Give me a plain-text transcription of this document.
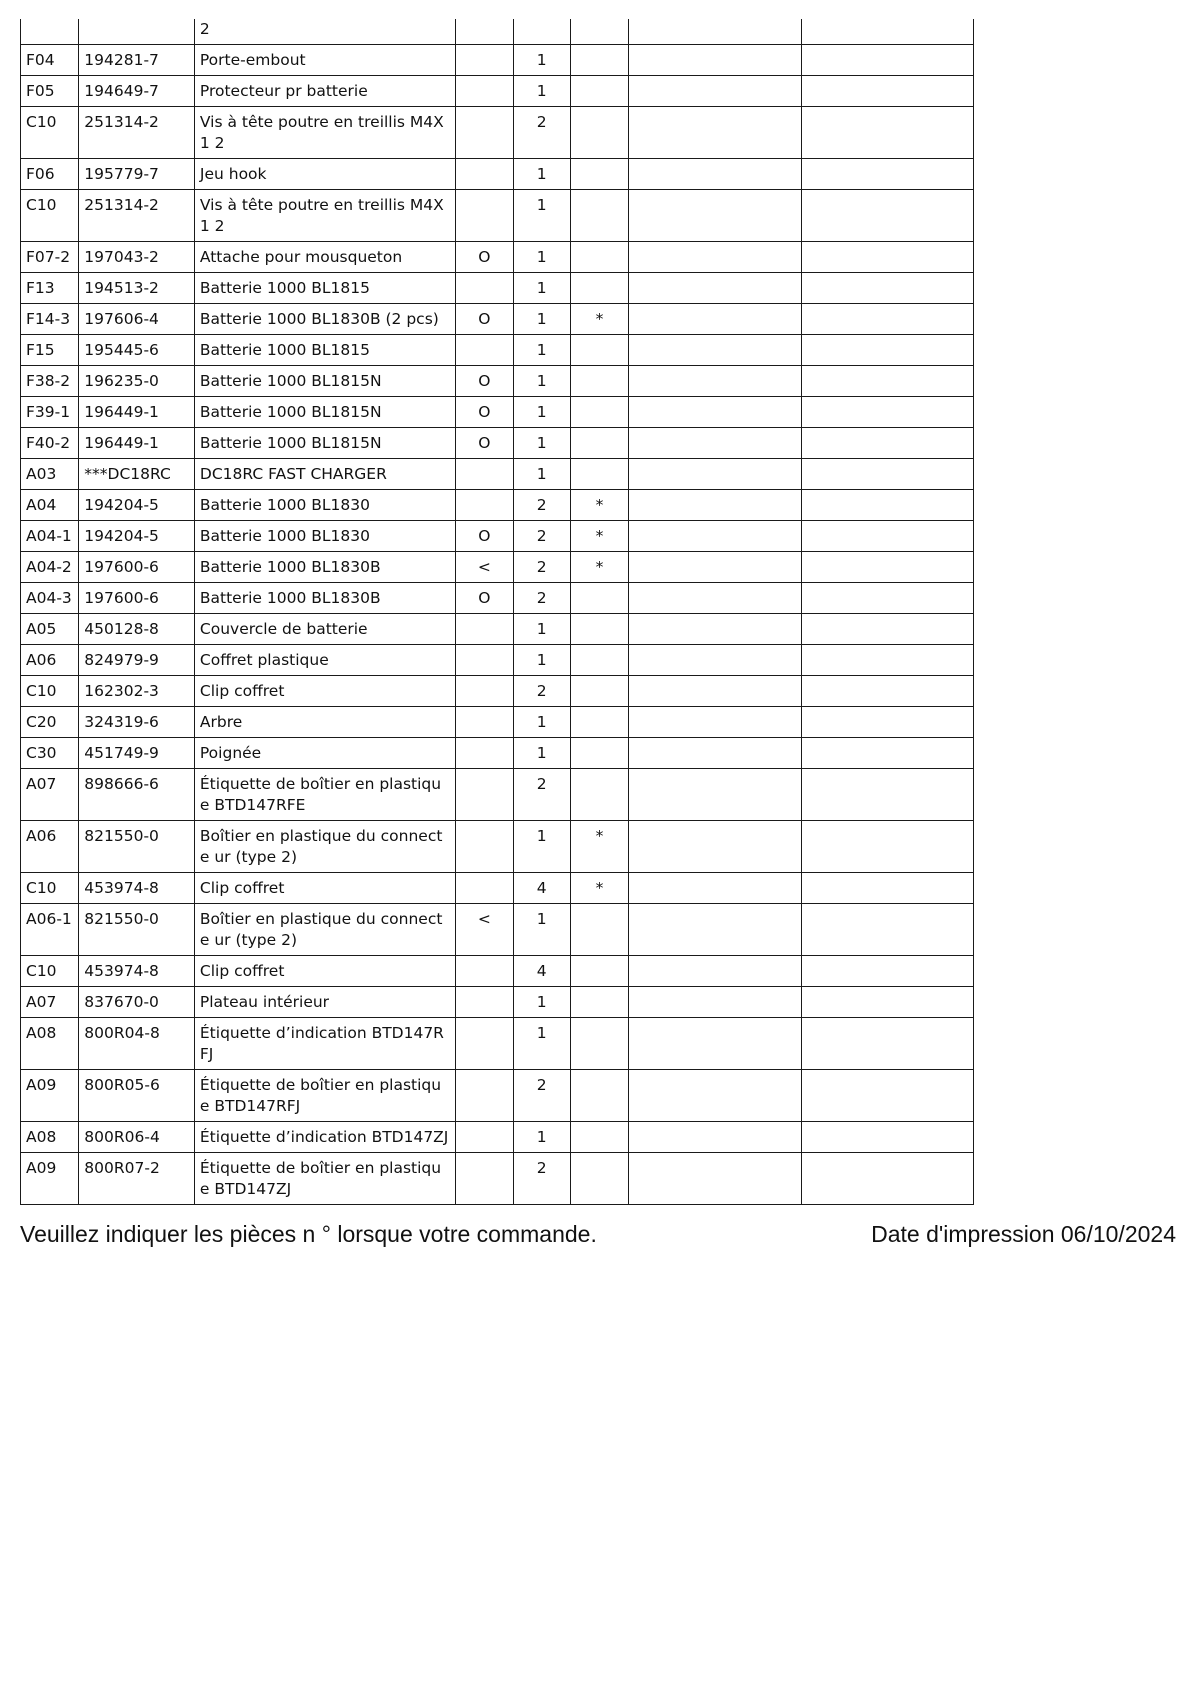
		2					
F04	194281-7	Porte-embout		1			
F05	194649-7	Protecteur pr batterie		1			
C10	251314-2	Vis à tête poutre en treillis M4X1 2		2			
F06	195779-7	Jeu hook		1			
C10	251314-2	Vis à tête poutre en treillis M4X1 2		1			
F07-2	197043-2	Attache pour mousqueton	O	1			
F13	194513-2	Batterie 1000 BL1815		1			
F14-3	197606-4	Batterie 1000 BL1830B (2 pcs)	O	1	*		
F15	195445-6	Batterie 1000 BL1815		1			
F38-2	196235-0	Batterie 1000 BL1815N	O	1			
F39-1	196449-1	Batterie 1000 BL1815N	O	1			
F40-2	196449-1	Batterie 1000 BL1815N	O	1			
A03	***DC18RC	DC18RC FAST CHARGER		1			
A04	194204-5	Batterie 1000 BL1830		2	*		
A04-1	194204-5	Batterie 1000 BL1830	O	2	*		
A04-2	197600-6	Batterie 1000 BL1830B	<	2	*		
A04-3	197600-6	Batterie 1000 BL1830B	O	2			
A05	450128-8	Couvercle de batterie		1			
A06	824979-9	Coffret plastique		1			
C10	162302-3	Clip coffret		2			
C20	324319-6	Arbre		1			
C30	451749-9	Poignée		1			
A07	898666-6	Étiquette de boîtier en plastique BTD147RFE		2			
A06	821550-0	Boîtier en plastique du connecte ur (type 2)		1	*		
C10	453974-8	Clip coffret		4	*		
A06-1	821550-0	Boîtier en plastique du connecte ur (type 2)	<	1			
C10	453974-8	Clip coffret		4			
A07	837670-0	Plateau intérieur		1			
A08	800R04-8	Étiquette d’indication BTD147RFJ		1			
A09	800R05-6	Étiquette de boîtier en plastique BTD147RFJ		2			
A08	800R06-4	Étiquette d’indication BTD147ZJ		1			
A09	800R07-2	Étiquette de boîtier en plastique BTD147ZJ		2			
Veuillez indiquer les pièces n ° lorsque votre commande.	Date d'impression 06/10/2024
